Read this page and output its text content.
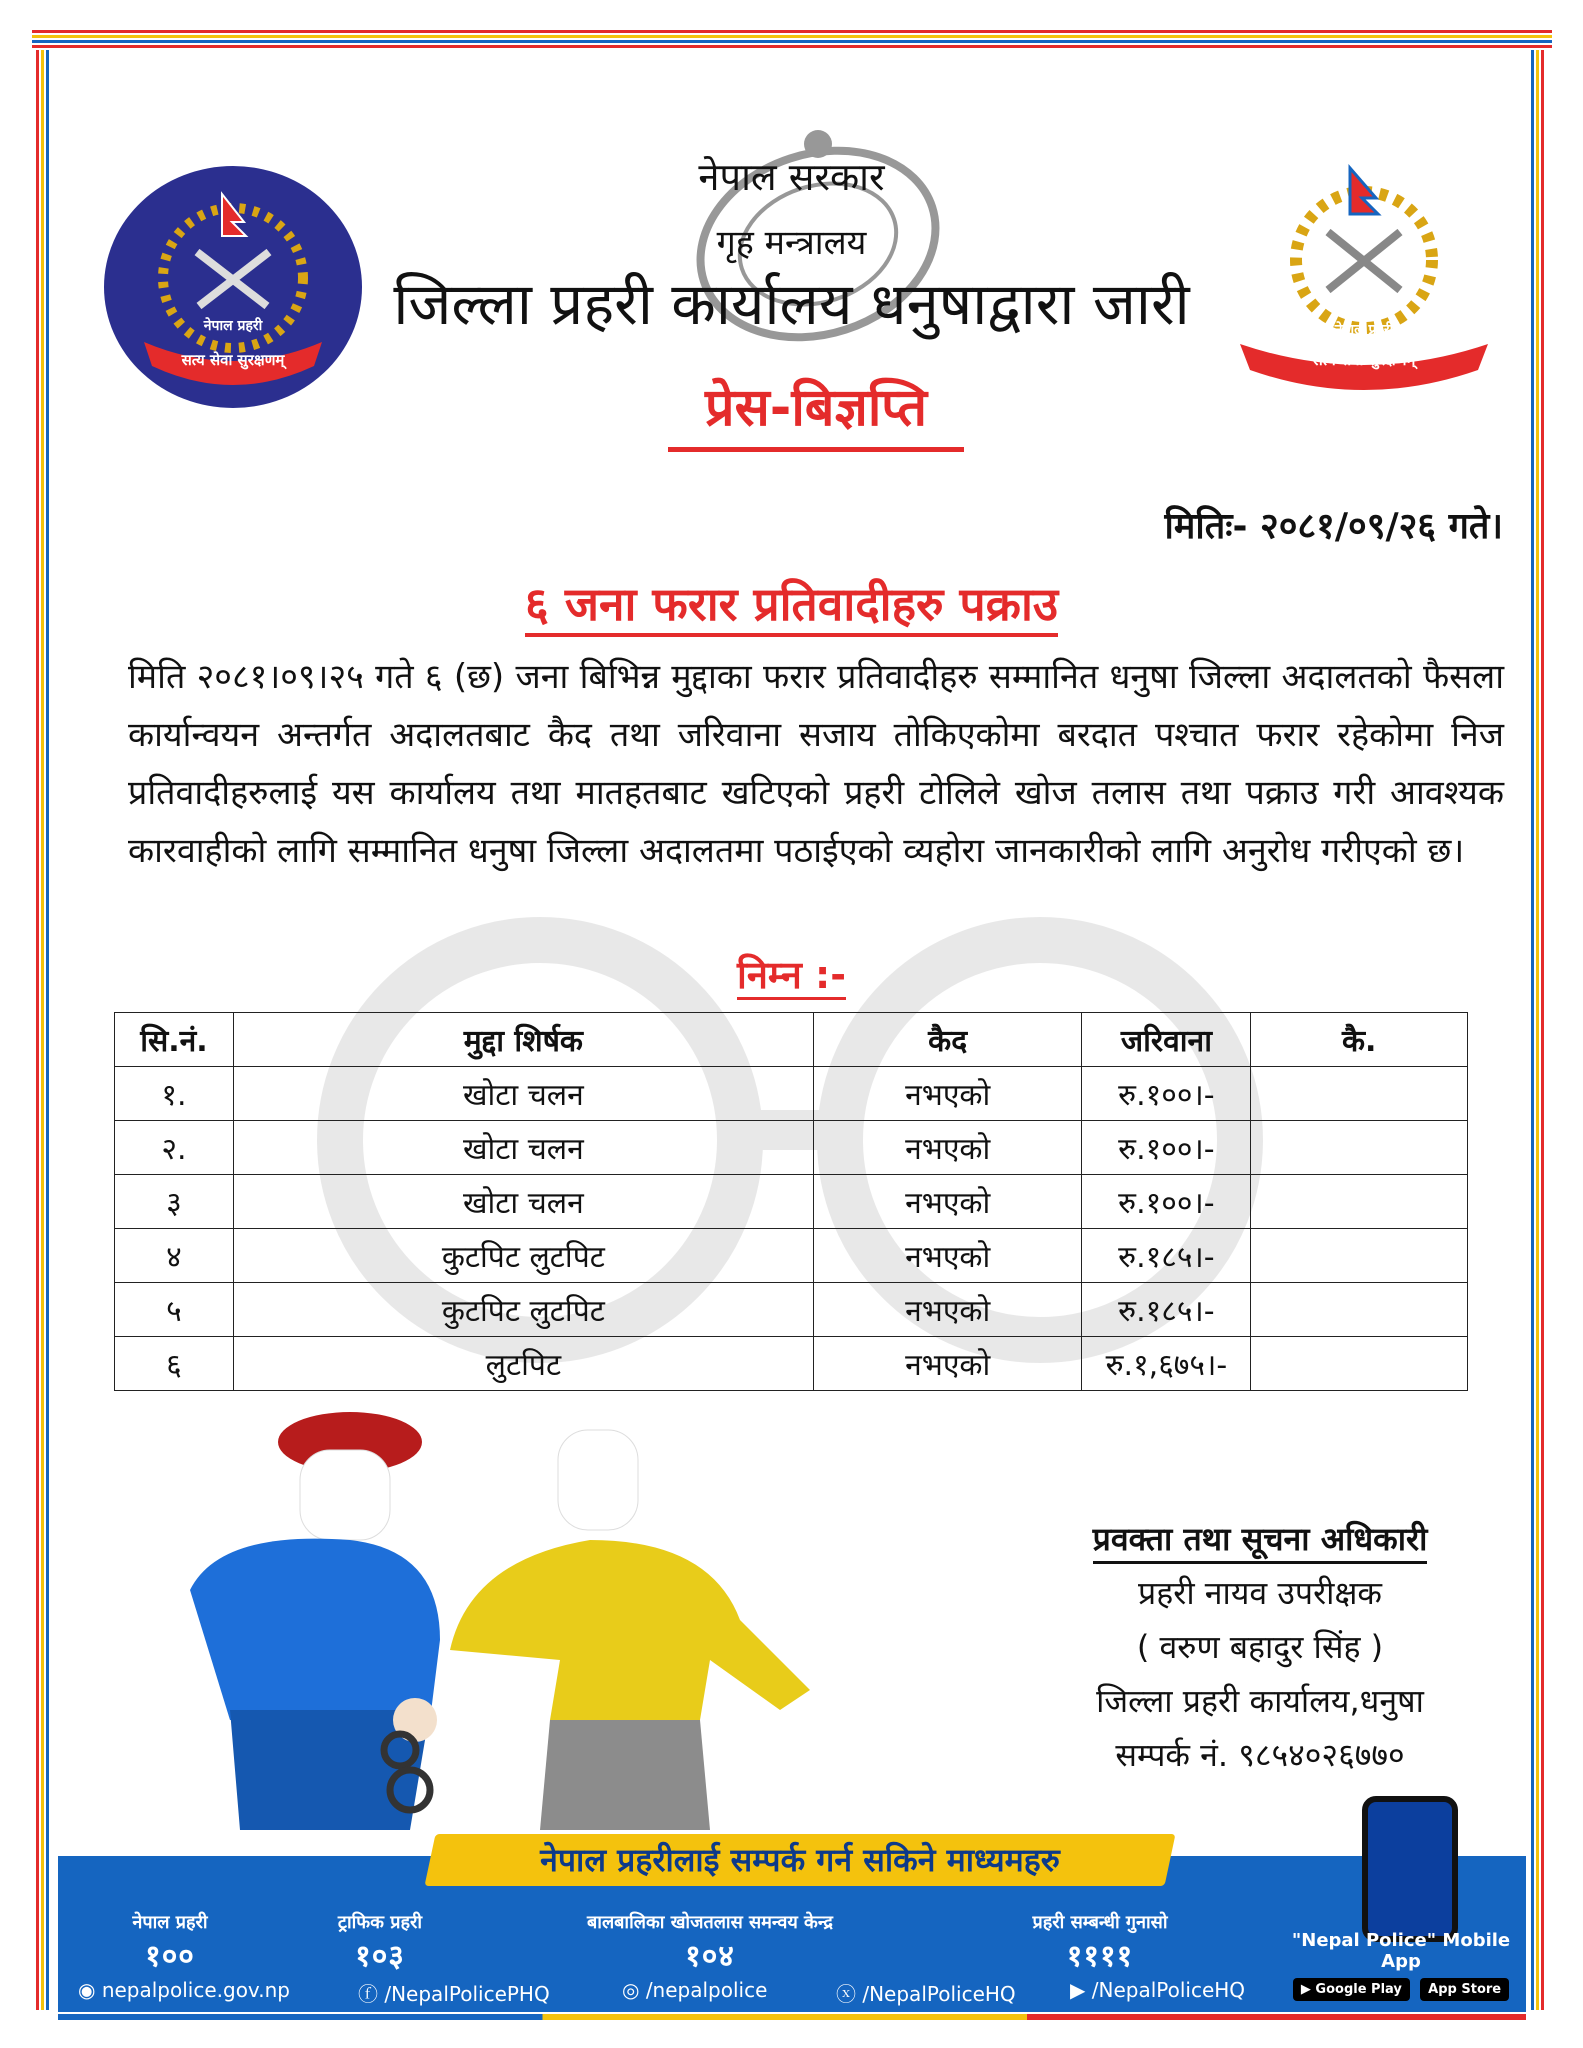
नेपाल प्रहरी
सत्य सेवा सुरक्षणम्
नेपाल प्रहरी
सत्य सेवा सुरक्षणम्
नेपाल सरकार
गृह मन्त्रालय
जिल्ला प्रहरी कार्यालय धनुषाद्वारा जारी
प्रेस-बिज्ञप्ति
मितिः- २०८१/०९/२६ गते।
६ जना फरार प्रतिवादीहरु पक्राउ
मिति २०८१।०९।२५ गते ६ (छ) जना बिभिन्न मुद्दाका फरार प्रतिवादीहरु सम्मानित धनुषा जिल्ला अदालतको फैसला कार्यान्वयन अन्तर्गत अदालतबाट कैद तथा जरिवाना सजाय तोकिएकोमा बरदात पश्चात फरार रहेकोमा निज प्रतिवादीहरुलाई यस कार्यालय तथा मातहतबाट खटिएको प्रहरी टोलिले खोज तलास तथा पक्राउ गरी आवश्यक कारवाहीको लागि सम्मानित धनुषा जिल्ला अदालतमा पठाईएको व्यहोरा जानकारीको लागि अनुरोध गरीएको छ।
निम्न :-
सि.नं.	मुद्दा शिर्षक	कैद	जरिवाना	कै.
१.	खोटा चलन	नभएको	रु.१००।-	
२.	खोटा चलन	नभएको	रु.१००।-	
३	खोटा चलन	नभएको	रु.१००।-	
४	कुटपिट लुटपिट	नभएको	रु.१८५।-	
५	कुटपिट लुटपिट	नभएको	रु.१८५।-	
६	लुटपिट	नभएको	रु.१,६७५।-	
प्रवक्ता तथा सूचना अधिकारी
प्रहरी नायव उपरीक्षक
( वरुण बहादुर सिंह )
जिल्ला प्रहरी कार्यालय,धनुषा
सम्पर्क नं. ९८५४०२६७७०
नेपाल प्रहरीलाई सम्पर्क गर्न सकिने माध्यमहरु
नेपाल प्रहरी
१००
ट्राफिक प्रहरी
१०३
बालबालिका खोजतलास समन्वय केन्द्र
१०४
प्रहरी सम्बन्धी गुनासो
११११
◉ nepalpolice.gov.np	ⓕ /NepalPolicePHQ	◎ /nepalpolice	ⓧ /NepalPoliceHQ	▶ /NepalPoliceHQ
"Nepal Police" Mobile App
▶ Google Play App Store
